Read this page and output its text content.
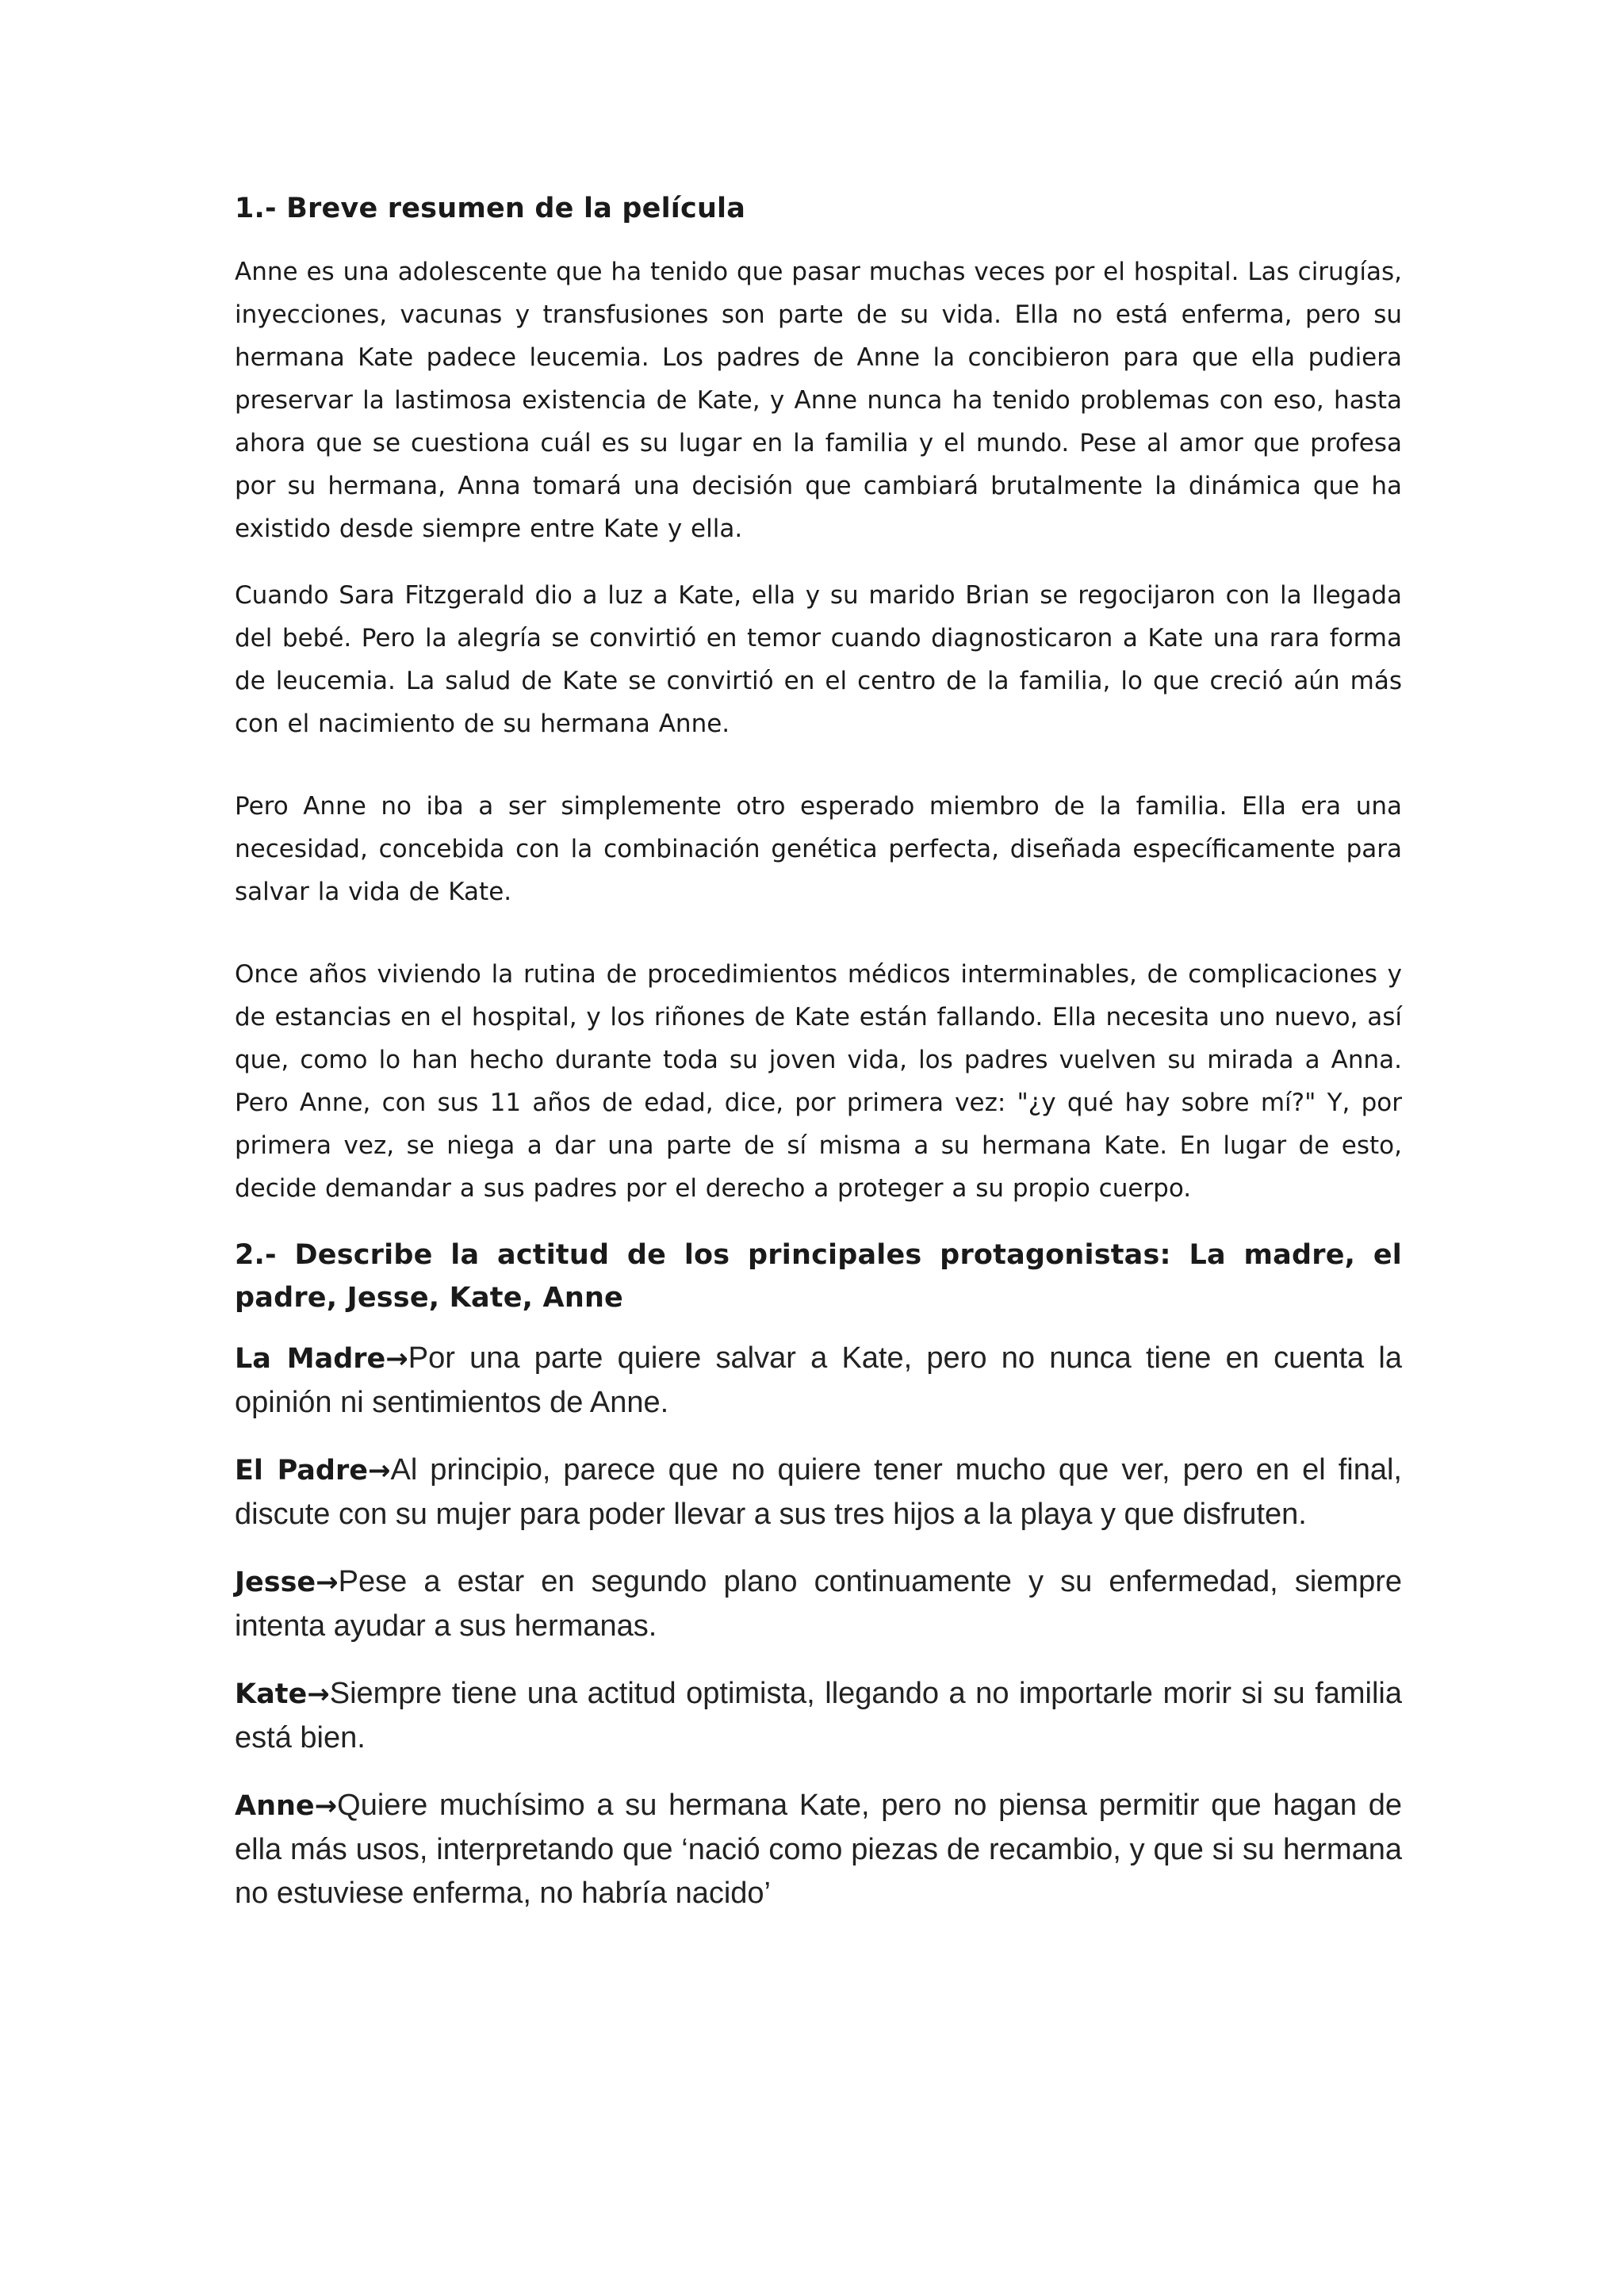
1.- Breve resumen de la película

Anne es una adolescente que ha tenido que pasar muchas veces por el hospital. Las cirugías, inyecciones, vacunas y transfusiones son parte de su vida. Ella no está enferma, pero su hermana Kate padece leucemia. Los padres de Anne la concibieron para que ella pudiera preservar la lastimosa existencia de Kate, y Anne nunca ha tenido problemas con eso, hasta ahora que se cuestiona cuál es su lugar en la familia y el mundo. Pese al amor que profesa por su hermana, Anna tomará una decisión que cambiará brutalmente la dinámica que ha existido desde siempre entre Kate y ella.

Cuando Sara Fitzgerald dio a luz a Kate, ella y su marido Brian se regocijaron con la llegada del bebé. Pero la alegría se convirtió en temor cuando diagnosticaron a Kate una rara forma de leucemia. La salud de Kate se convirtió en el centro de la familia, lo que creció aún más con el nacimiento de su hermana Anne.

Pero Anne no iba a ser simplemente otro esperado miembro de la familia. Ella era una necesidad, concebida con la combinación genética perfecta, diseñada específicamente para salvar la vida de Kate.

Once años viviendo la rutina de procedimientos médicos interminables, de complicaciones y de estancias en el hospital, y los riñones de Kate están fallando. Ella necesita uno nuevo, así que, como lo han hecho durante toda su joven vida, los padres vuelven su mirada a Anna. Pero Anne, con sus 11 años de edad, dice, por primera vez: "¿y qué hay sobre mí?" Y, por primera vez, se niega a dar una parte de sí misma a su hermana Kate. En lugar de esto, decide demandar a sus padres por el derecho a proteger a su propio cuerpo.

2.- Describe la actitud de los principales protagonistas: La madre, el padre, Jesse, Kate, Anne

La Madre→Por una parte quiere salvar a Kate, pero no nunca tiene en cuenta la opinión ni sentimientos de Anne.

El Padre→Al principio, parece que no quiere tener mucho que ver, pero en el final, discute con su mujer para poder llevar a sus tres hijos a la playa y que disfruten.

Jesse→Pese a estar en segundo plano continuamente y su enfermedad, siempre intenta ayudar a sus hermanas.

Kate→Siempre tiene una actitud optimista, llegando a no importarle morir si su familia está bien.

Anne→Quiere muchísimo a su hermana Kate, pero no piensa permitir que hagan de ella más usos, interpretando que ‘nació como piezas de recambio, y que si su hermana no estuviese enferma, no habría nacido’
